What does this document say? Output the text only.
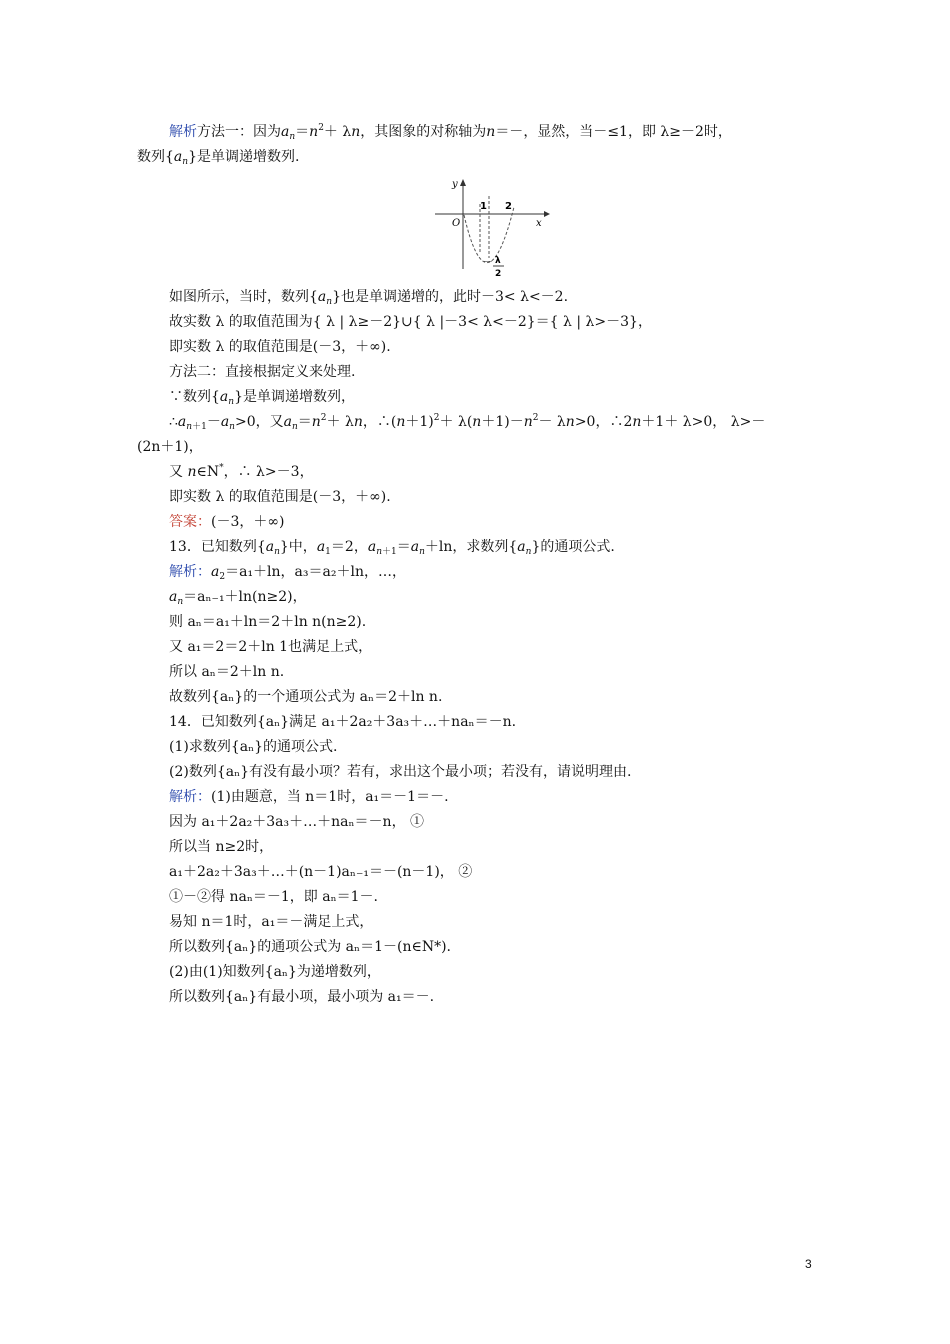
解析方法一：因为$a_n=n^2+ \lambda n$，其图象的对称轴为n＝－，显然，当－≤1，即 λ≥－2时，
数列$\{a_n\}$是单调递增数列.
y
x
O
1 2
－ λ
2
如图所示，当时，数列$\{a_n\}$也是单调递增的，此时－3< λ<－2.
故实数 λ 的取值范围为{ λ | λ≥－2}∪{ λ |－3< λ<－2}＝{ λ | λ>－3}，
即实数 λ 的取值范围是(－3，＋∞).
方法二：直接根据定义来处理.
∵数列$\{a_n\}$是单调递增数列，
$\therefore a_{n+1}-a_n>0$，又$a_n=n^2+ \lambda n$，$\therefore(n+1)^2+ \lambda(n+1)-n^2- \lambda n>0$，∴2n＋1＋ λ>0， λ>－
(2n＋1)，
又 n∈N*，∴ λ>－3，
即实数 λ 的取值范围是(－3，＋∞).
答案：(－3，＋∞)
13．已知数列$\{a_n\}$中，$a_1=2$，$a_{n+1}=a_n+\ln$，求数列$\{a_n\}$的通项公式.
解析：$a_2=a_1+\ln$，a₃＝a₂＋ln，…，
$a_n=a_{n-1}+\ln(n\ge 2)$，
则 aₙ＝a₁＋ln＝2＋ln n(n≥2).
又 a₁＝2＝2＋ln 1也满足上式，
所以 aₙ＝2＋ln n.
故数列{aₙ}的一个通项公式为 aₙ＝2＋ln n.
14．已知数列{aₙ}满足 a₁＋2a₂＋3a₃＋…＋naₙ＝－n.
(1)求数列{aₙ}的通项公式.
(2)数列{aₙ}有没有最小项？若有，求出这个最小项；若没有，请说明理由.
解析：(1)由题意，当 n＝1时，a₁＝－1＝－.
因为 a₁＋2a₂＋3a₃＋…＋naₙ＝－n， ①
所以当 n≥2时，
a₁＋2a₂＋3a₃＋…＋(n－1)aₙ₋₁＝－(n－1)， ②
①－②得 naₙ＝－1，即 aₙ＝1－.
易知 n＝1时，a₁＝－满足上式，
所以数列{aₙ}的通项公式为 aₙ＝1－(n∈N*).
(2)由(1)知数列{aₙ}为递增数列，
所以数列{aₙ}有最小项，最小项为 a₁＝－.
3
